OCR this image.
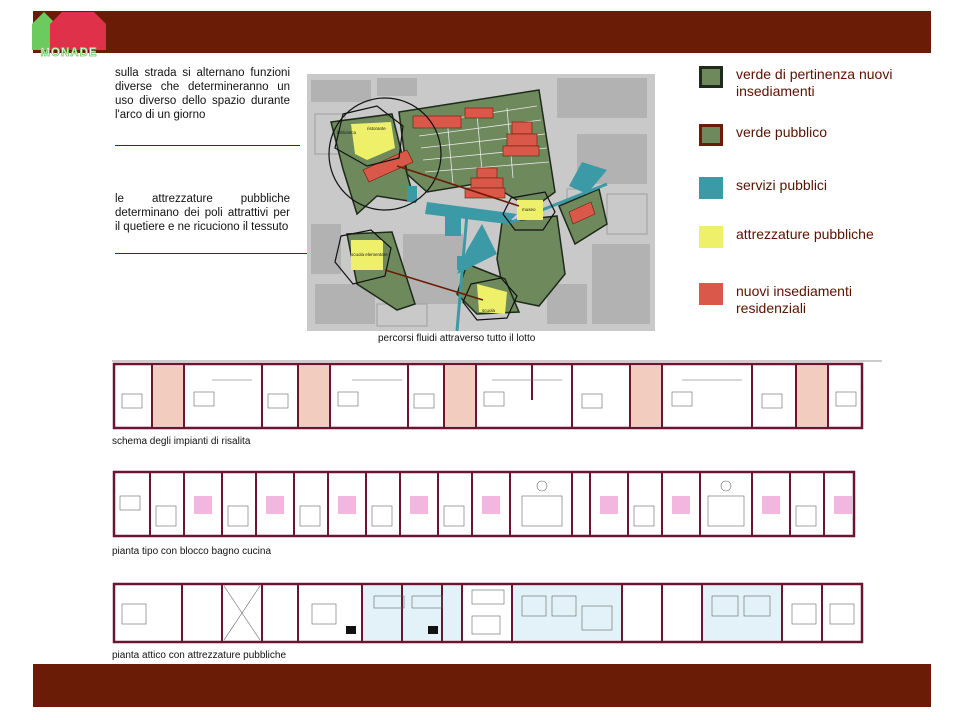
MONADE
sulla strada si alternano funzioni diverse che determineranno un uso diverso dello spazio durante l'arco di un giorno
le attrezzature pubbliche determinano dei poli attrattivi per il quetiere e ne ricuciono il tessuto
biblioteca
ristorante
museo
scuola elementare
scuola
percorsi fluidi attraverso tutto il lotto
verde di pertinenza nuovi insediamenti
verde pubblico
servizi pubblici
attrezzature pubbliche
nuovi insediamenti residenziali
schema degli impianti di risalita
pianta tipo con blocco bagno cucina
pianta attico con attrezzature pubbliche
